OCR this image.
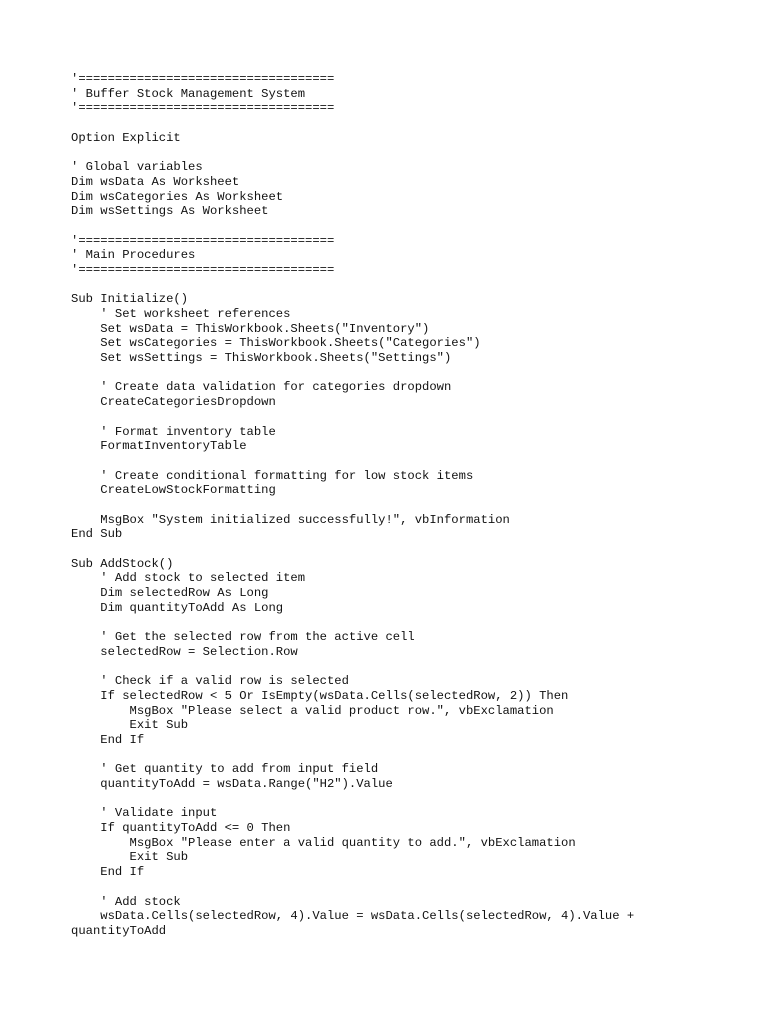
'===================================
' Buffer Stock Management System
'===================================
Option Explicit
' Global variables
Dim wsData As Worksheet
Dim wsCategories As Worksheet
Dim wsSettings As Worksheet
'===================================
' Main Procedures
'===================================
Sub Initialize()
' Set worksheet references
Set wsData = ThisWorkbook.Sheets("Inventory")
Set wsCategories = ThisWorkbook.Sheets("Categories")
Set wsSettings = ThisWorkbook.Sheets("Settings")
' Create data validation for categories dropdown
CreateCategoriesDropdown
' Format inventory table
FormatInventoryTable
' Create conditional formatting for low stock items
CreateLowStockFormatting
MsgBox "System initialized successfully!", vbInformation
End Sub
Sub AddStock()
' Add stock to selected item
Dim selectedRow As Long
Dim quantityToAdd As Long
' Get the selected row from the active cell
selectedRow = Selection.Row
' Check if a valid row is selected
If selectedRow < 5 Or IsEmpty(wsData.Cells(selectedRow, 2)) Then
MsgBox "Please select a valid product row.", vbExclamation
Exit Sub
End If
' Get quantity to add from input field
quantityToAdd = wsData.Range("H2").Value
' Validate input
If quantityToAdd <= 0 Then
MsgBox "Please enter a valid quantity to add.", vbExclamation
Exit Sub
End If
' Add stock
wsData.Cells(selectedRow, 4).Value = wsData.Cells(selectedRow, 4).Value +
quantityToAdd
